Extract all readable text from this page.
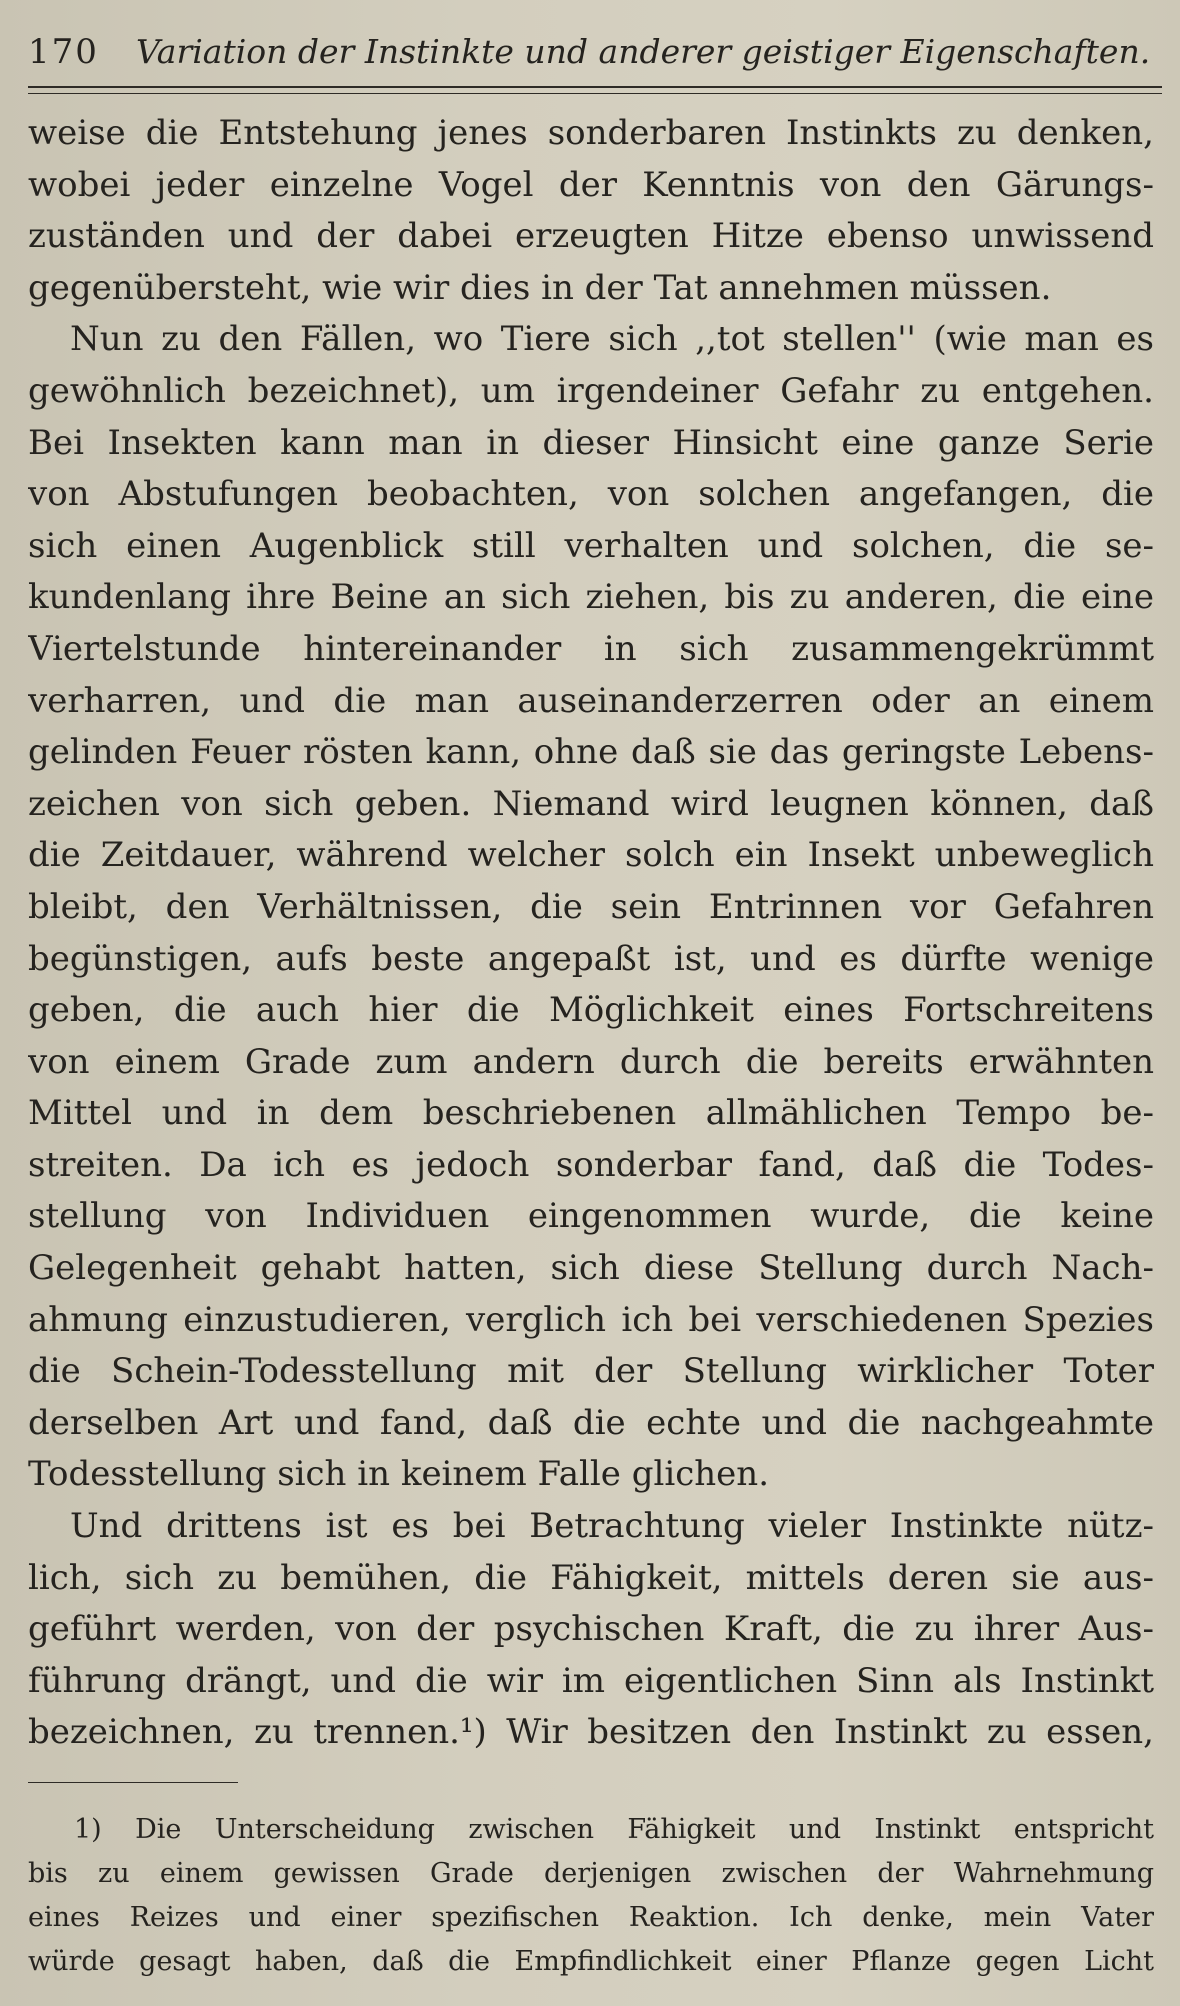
170 Variation der Instinkte und anderer geistiger Eigenschaften.
weise die Entstehung jenes sonderbaren Instinkts zu denken,
wobei jeder einzelne Vogel der Kenntnis von den Gärungs-
zuständen und der dabei erzeugten Hitze ebenso unwissend
gegenübersteht, wie wir dies in der Tat annehmen müssen.
Nun zu den Fällen, wo Tiere sich ,,tot stellen'' (wie man es
gewöhnlich bezeichnet), um irgendeiner Gefahr zu entgehen.
Bei Insekten kann man in dieser Hinsicht eine ganze Serie
von Abstufungen beobachten, von solchen angefangen, die
sich einen Augenblick still verhalten und solchen, die se-
kundenlang ihre Beine an sich ziehen, bis zu anderen, die eine
Viertelstunde hintereinander in sich zusammengekrümmt
verharren, und die man auseinanderzerren oder an einem
gelinden Feuer rösten kann, ohne daß sie das geringste Lebens-
zeichen von sich geben. Niemand wird leugnen können, daß
die Zeitdauer, während welcher solch ein Insekt unbeweglich
bleibt, den Verhältnissen, die sein Entrinnen vor Gefahren
begünstigen, aufs beste angepaßt ist, und es dürfte wenige
geben, die auch hier die Möglichkeit eines Fortschreitens
von einem Grade zum andern durch die bereits erwähnten
Mittel und in dem beschriebenen allmählichen Tempo be-
streiten. Da ich es jedoch sonderbar fand, daß die Todes-
stellung von Individuen eingenommen wurde, die keine
Gelegenheit gehabt hatten, sich diese Stellung durch Nach-
ahmung einzustudieren, verglich ich bei verschiedenen Spezies
die Schein-Todesstellung mit der Stellung wirklicher Toter
derselben Art und fand, daß die echte und die nachgeahmte
Todesstellung sich in keinem Falle glichen.
Und drittens ist es bei Betrachtung vieler Instinkte nütz-
lich, sich zu bemühen, die Fähigkeit, mittels deren sie aus-
geführt werden, von der psychischen Kraft, die zu ihrer Aus-
führung drängt, und die wir im eigentlichen Sinn als Instinkt
bezeichnen, zu trennen.¹) Wir besitzen den Instinkt zu essen,
1) Die Unterscheidung zwischen Fähigkeit und Instinkt entspricht
bis zu einem gewissen Grade derjenigen zwischen der Wahrnehmung
eines Reizes und einer spezifischen Reaktion. Ich denke, mein Vater
würde gesagt haben, daß die Empfindlichkeit einer Pflanze gegen Licht
